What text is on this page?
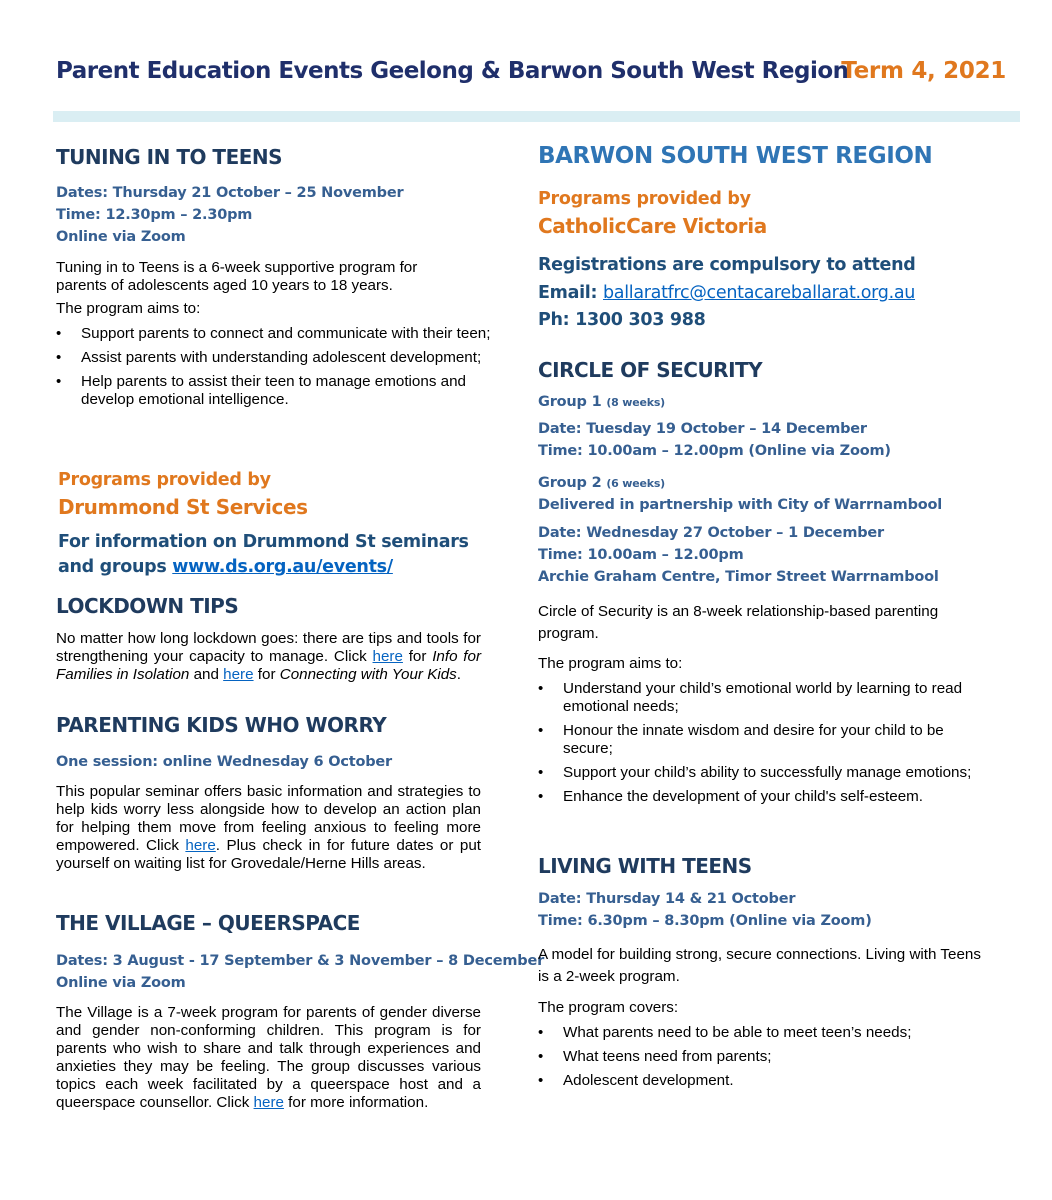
Parent Education Events Geelong & Barwon South West Region
Term 4, 2021
TUNING IN TO TEENS
Dates: Thursday 21 October – 25 November
Time: 12.30pm – 2.30pm
Online via Zoom
Tuning in to Teens is a 6-week supportive program for parents of adolescents aged 10 years to 18 years.
The program aims to:
• Support parents to connect and communicate with their teen;
• Assist parents with understanding adolescent development;
• Help parents to assist their teen to manage emotions and develop emotional intelligence.
Programs provided by
Drummond St Services
For information on Drummond St seminars
and groups www.ds.org.au/events/
LOCKDOWN TIPS
No matter how long lockdown goes: there are tips and tools for strengthening your capacity to manage. Click here for Info for Families in Isolation and here for Connecting with Your Kids.
PARENTING KIDS WHO WORRY
One session: online Wednesday 6 October
This popular seminar offers basic information and strategies to help kids worry less alongside how to develop an action plan for helping them move from feeling anxious to feeling more empowered. Click here. Plus check in for future dates or put yourself on waiting list for Grovedale/Herne Hills areas.
THE VILLAGE – QUEERSPACE
Dates: 3 August - 17 September & 3 November – 8 December
Online via Zoom
The Village is a 7-week program for parents of gender diverse and gender non-conforming children. This program is for parents who wish to share and talk through experiences and anxieties they may be feeling. The group discusses various topics each week facilitated by a queerspace host and a queerspace counsellor. Click here for more information.
BARWON SOUTH WEST REGION
Programs provided by
CatholicCare Victoria
Registrations are compulsory to attend
Email: ballaratfrc@centacareballarat.org.au
Ph: 1300 303 988
CIRCLE OF SECURITY
Group 1 (8 weeks)
Date: Tuesday 19 October – 14 December
Time: 10.00am – 12.00pm (Online via Zoom)
Group 2 (6 weeks)
Delivered in partnership with City of Warrnambool
Date: Wednesday 27 October – 1 December
Time: 10.00am – 12.00pm
Archie Graham Centre, Timor Street Warrnambool
Circle of Security is an 8-week relationship-based parenting program.
The program aims to:
• Understand your child’s emotional world by learning to read emotional needs;
• Honour the innate wisdom and desire for your child to be secure;
• Support your child’s ability to successfully manage emotions;
• Enhance the development of your child's self-esteem.
LIVING WITH TEENS
Date: Thursday 14 & 21 October
Time: 6.30pm – 8.30pm (Online via Zoom)
A model for building strong, secure connections. Living with Teens is a 2-week program.
The program covers:
• What parents need to be able to meet teen’s needs;
• What teens need from parents;
• Adolescent development.
